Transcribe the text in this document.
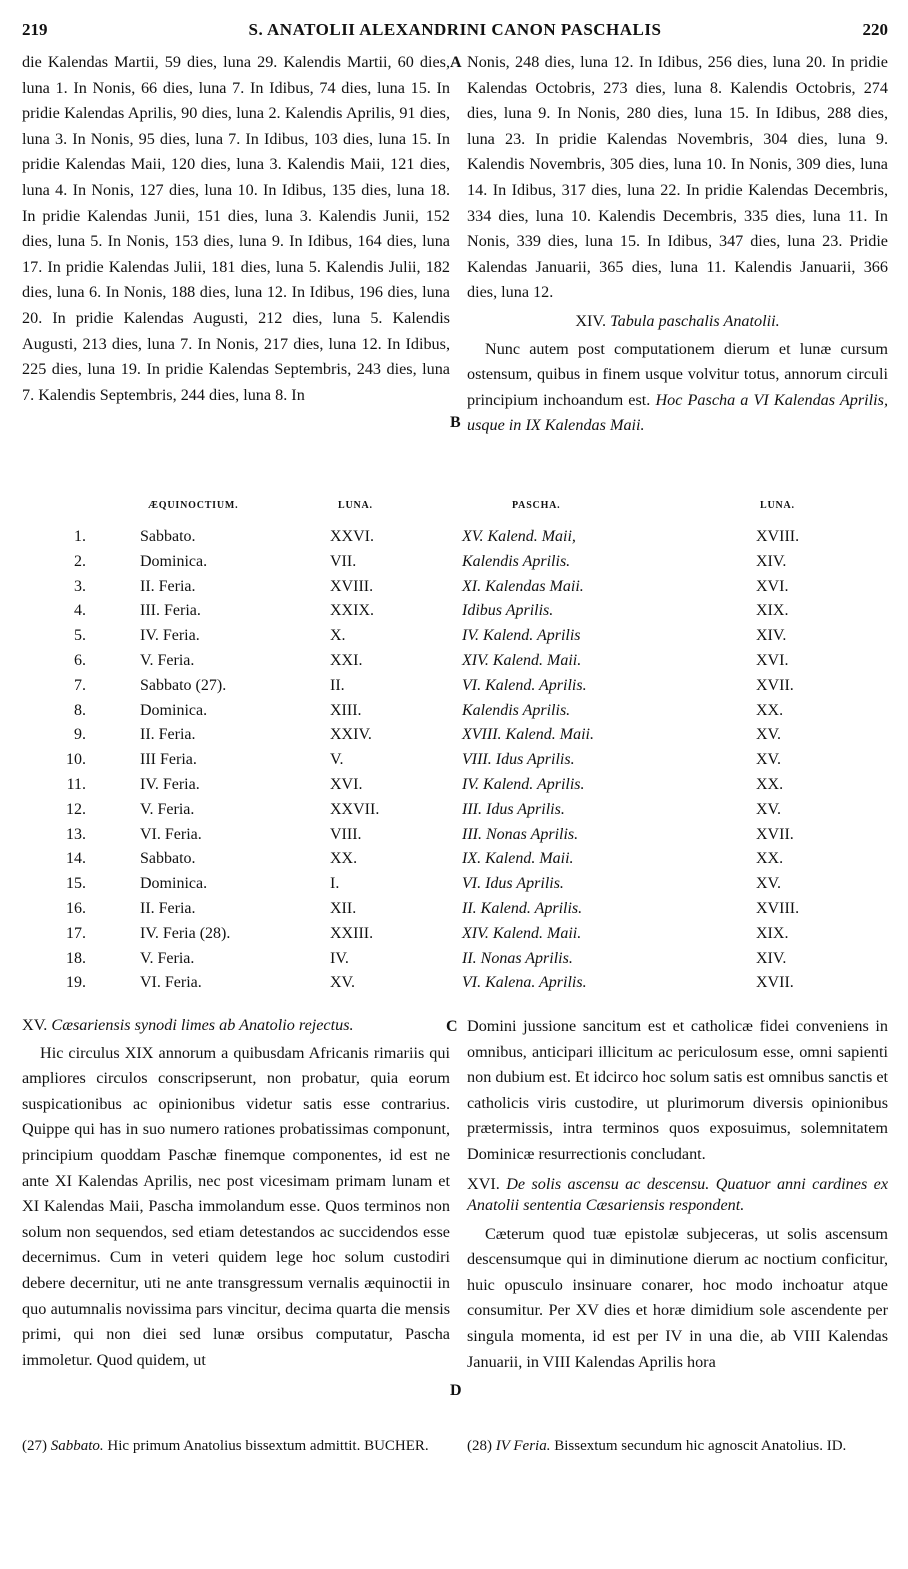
219	S. ANATOLII ALEXANDRINI CANON PASCHALIS	220

die Kalendas Martii, 59 dies, luna 29. Kalendis Martii, 60 dies, luna 1. In Nonis, 66 dies, luna 7. In Idibus, 74 dies, luna 15. In pridie Kalendas Aprilis, 90 dies, luna 2. Kalendis Aprilis, 91 dies, luna 3. In Nonis, 95 dies, luna 7. In Idibus, 103 dies, luna 15. In pridie Kalendas Maii, 120 dies, luna 3. Kalendis Maii, 121 dies, luna 4. In Nonis, 127 dies, luna 10. In Idibus, 135 dies, luna 18. In pridie Kalendas Junii, 151 dies, luna 3. Kalendis Junii, 152 dies, luna 5. In Nonis, 153 dies, luna 9. In Idibus, 164 dies, luna 17. In pridie Kalendas Julii, 181 dies, luna 5. Kalendis Julii, 182 dies, luna 6. In Nonis, 188 dies, luna 12. In Idibus, 196 dies, luna 20. In pridie Kalendas Augusti, 212 dies, luna 5. Kalendis Augusti, 213 dies, luna 7. In Nonis, 217 dies, luna 12. In Idibus, 225 dies, luna 19. In pridie Kalendas Septembris, 243 dies, luna 7. Kalendis Septembris, 244 dies, luna 8. In

Nonis, 248 dies, luna 12. In Idibus, 256 dies, luna 20. In pridie Kalendas Octobris, 273 dies, luna 8. Kalendis Octobris, 274 dies, luna 9. In Nonis, 280 dies, luna 15. In Idibus, 288 dies, luna 23. In pridie Kalendas Novembris, 304 dies, luna 9. Kalendis Novembris, 305 dies, luna 10. In Nonis, 309 dies, luna 14. In Idibus, 317 dies, luna 22. In pridie Kalendas Decembris, 334 dies, luna 10. Kalendis Decembris, 335 dies, luna 11. In Nonis, 339 dies, luna 15. In Idibus, 347 dies, luna 23. Pridie Kalendas Januarii, 365 dies, luna 11. Kalendis Januarii, 366 dies, luna 12.

XIV. Tabula paschalis Anatolii.

Nunc autem post computationem dierum et lunæ cursum ostensum, quibus in finem usque volvitur totus, annorum circuli principium inchoandum est. Hoc Pascha a VI Kalendas Aprilis, usque in IX Kalendas Maii.

A
B
C
D
ÆQUINOCTIUM.	LUNA.	PASCHA.	LUNA.
1.	Sabbato.	XXVI.	XV. Kalend. Maii,	XVIII.
2.	Dominica.	VII.	Kalendis Aprilis.	XIV.
3.	II. Feria.	XVIII.	XI. Kalendas Maii.	XVI.
4.	III. Feria.	XXIX.	Idibus Aprilis.	XIX.
5.	IV. Feria.	X.	IV. Kalend. Aprilis	XIV.
6.	V. Feria.	XXI.	XIV. Kalend. Maii.	XVI.
7.	Sabbato (27).	II.	VI. Kalend. Aprilis.	XVII.
8.	Dominica.	XIII.	Kalendis Aprilis.	XX.
9.	II. Feria.	XXIV.	XVIII. Kalend. Maii.	XV.
10.	III Feria.	V.	VIII. Idus Aprilis.	XV.
11.	IV. Feria.	XVI.	IV. Kalend. Aprilis.	XX.
12.	V. Feria.	XXVII.	III. Idus Aprilis.	XV.
13.	VI. Feria.	VIII.	III. Nonas Aprilis.	XVII.
14.	Sabbato.	XX.	IX. Kalend. Maii.	XX.
15.	Dominica.	I.	VI. Idus Aprilis.	XV.
16.	II. Feria.	XII.	II. Kalend. Aprilis.	XVIII.
17.	IV. Feria (28).	XXIII.	XIV. Kalend. Maii.	XIX.
18.	V. Feria.	IV.	II. Nonas Aprilis.	XIV.
19.	VI. Feria.	XV.	VI. Kalena. Aprilis.	XVII.

XV. Cæsariensis synodi limes ab Anatolio rejectus.

Hic circulus XIX annorum a quibusdam Africanis rimariis qui ampliores circulos conscripserunt, non probatur, quia eorum suspicationibus ac opinionibus videtur satis esse contrarius. Quippe qui has in suo numero rationes probatissimas componunt, principium quoddam Paschæ finemque componentes, id est ne ante XI Kalendas Aprilis, nec post vicesimam primam lunam et XI Kalendas Maii, Pascha immolandum esse. Quos terminos non solum non sequendos, sed etiam detestandos ac succidendos esse decernimus. Cum in veteri quidem lege hoc solum custodiri debere decernitur, uti ne ante transgressum vernalis æquinoctii in quo autumnalis novissima pars vincitur, decima quarta die mensis primi, qui non diei sed lunæ orsibus computatur, Pascha immoletur. Quod quidem, ut

Domini jussione sancitum est et catholicæ fidei conveniens in omnibus, anticipari illicitum ac periculosum esse, omni sapienti non dubium est. Et idcirco hoc solum satis est omnibus sanctis et catholicis viris custodire, ut plurimorum diversis opinionibus prætermissis, intra terminos quos exposuimus, solemnitatem Dominicæ resurrectionis concludant.

XVI. De solis ascensu ac descensu. Quatuor anni cardines ex Anatolii sententia Cæsariensis respondent.

Cæterum quod tuæ epistolæ subjeceras, ut solis ascensum descensumque qui in diminutione dierum ac noctium conficitur, huic opusculo insinuare conarer, hoc modo inchoatur atque consumitur. Per XV dies et horæ dimidium sole ascendente per singula momenta, id est per IV in una die, ab VIII Kalendas Januarii, in VIII Kalendas Aprilis hora

(27) Sabbato. Hic primum Anatolius bissextum admittit. BUCHER.	(28) IV Feria. Bissextum secundum hic agnoscit Anatolius. ID.
